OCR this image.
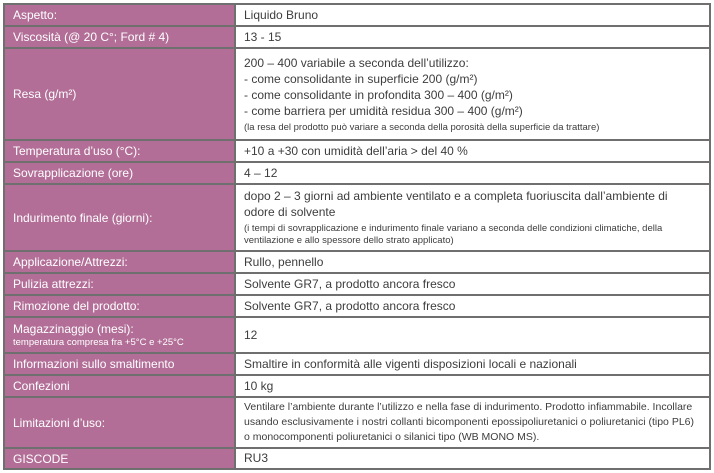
Aspetto:	Liquido Bruno
Viscosità (@ 20 C°; Ford # 4)	13 - 15
Resa (g/m²)	200 – 400 variabile a seconda dell’utilizzo:
- come consolidante in superficie 200 (g/m²)
- come consolidante in profondita 300 – 400 (g/m²)
- come barriera per umidità residua 300 – 400 (g/m²)
(la resa del prodotto può variare a seconda della porosità della superficie da trattare)

Temperatura d’uso (°C):	+10 a +30 con umidità dell’aria > del 40 %
Sovrapplicazione (ore)	4 – 12
Indurimento finale (giorni):	dopo 2 – 3 giorni ad ambiente ventilato e a completa fuoriuscita dall’ambiente di odore di solvente
(i tempi di sovrapplicazione e indurimento finale variano a seconda delle condizioni climatiche, della ventilazione e allo spessore dello strato applicato)

Applicazione/Attrezzi:	Rullo, pennello
Pulizia attrezzi:	Solvente GR7, a prodotto ancora fresco
Rimozione del prodotto:	Solvente GR7, a prodotto ancora fresco

Magazzinaggio (mesi):
temperatura compresa fra +5°C e +25°C	12
Informazioni sullo smaltimento	Smaltire in conformità alle vigenti disposizioni locali e nazionali
Confezioni	10 kg
Limitazioni d’uso:	Ventilare l’ambiente durante l’utilizzo e nella fase di indurimento. Prodotto infiammabile. Incollare usando esclusivamente i nostri collanti bicomponenti epossipoliuretanici o poliuretanici (tipo PL6) o monocomponenti poliuretanici o silanici tipo (WB MONO MS).

GISCODE	RU3
